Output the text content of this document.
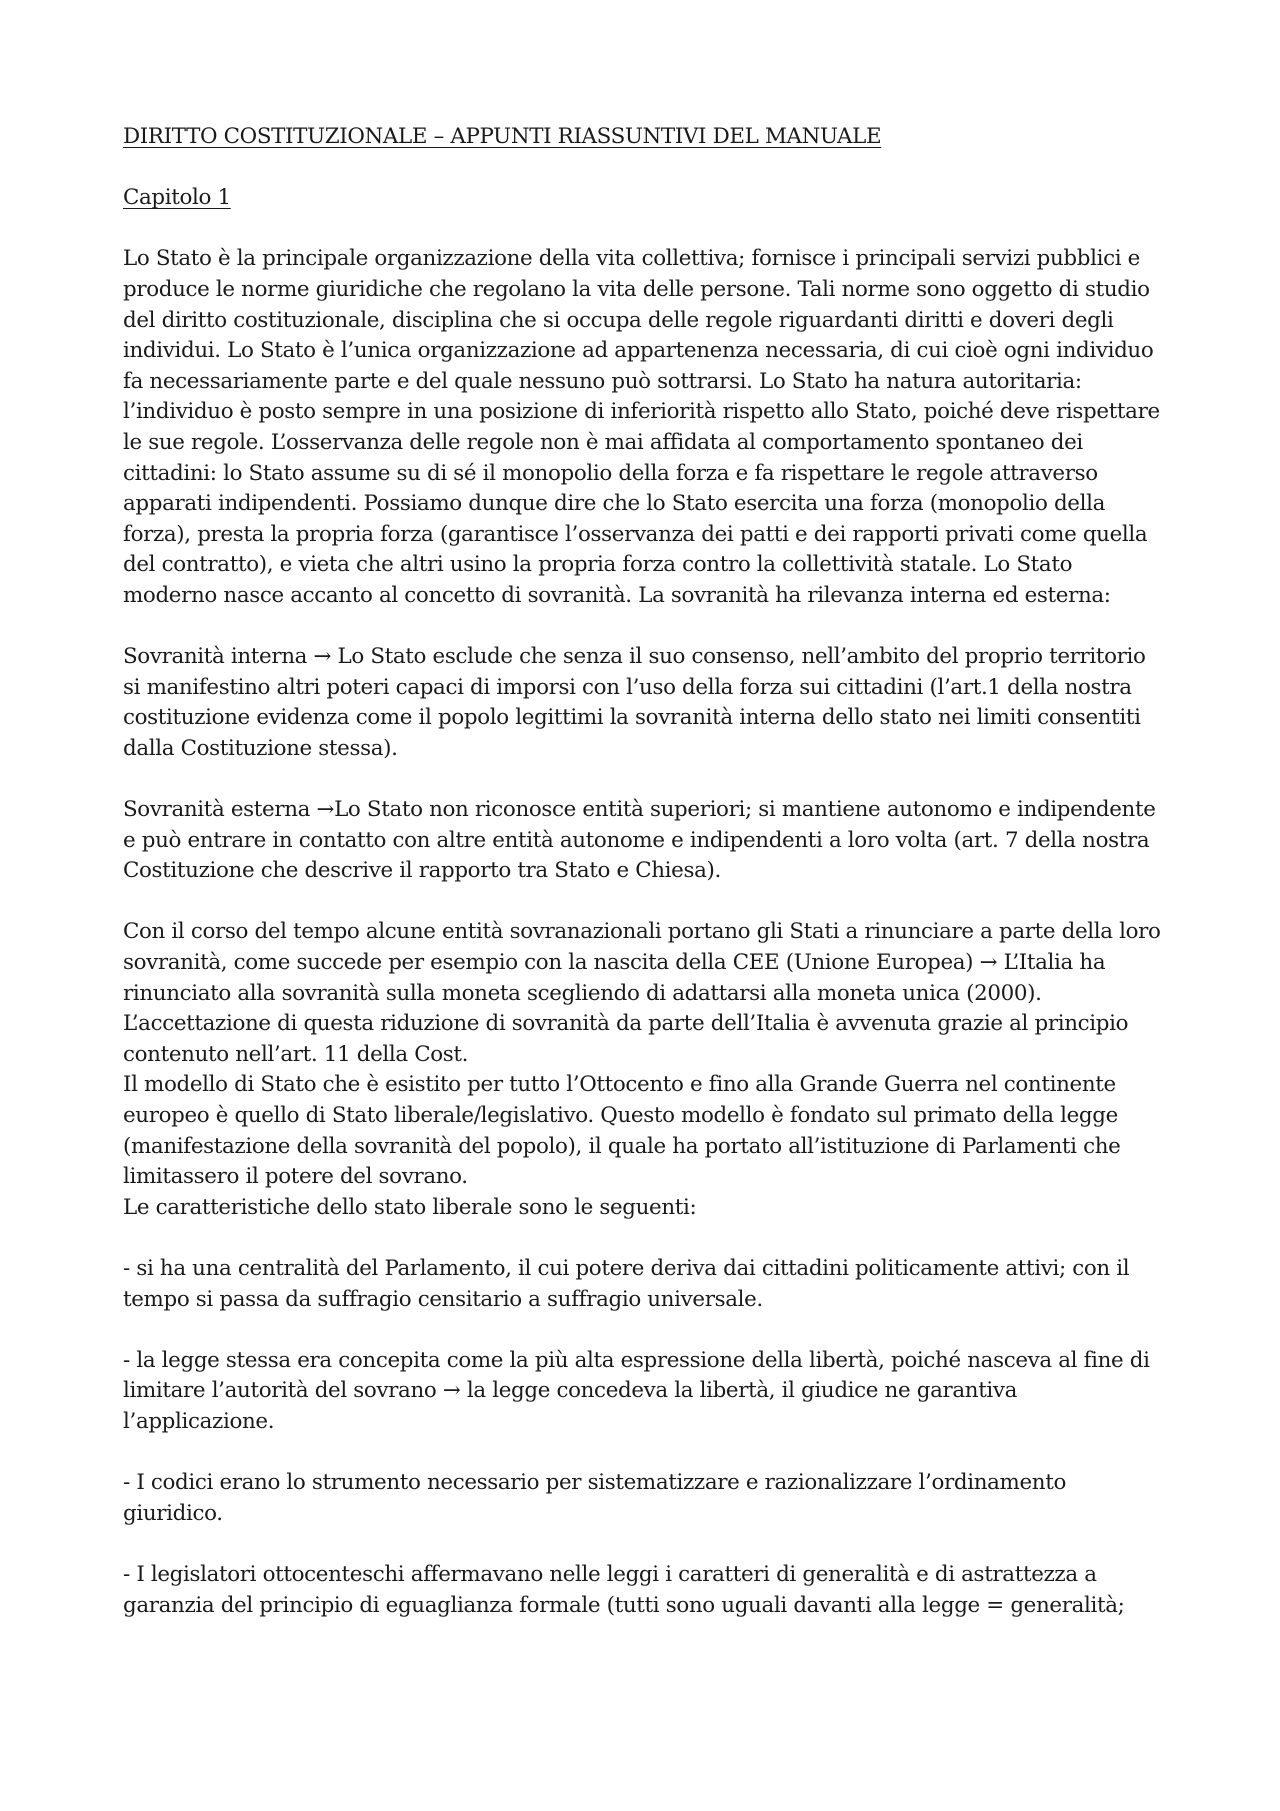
DIRITTO COSTITUZIONALE – APPUNTI RIASSUNTIVI DEL MANUALE

Capitolo 1

Lo Stato è la principale organizzazione della vita collettiva; fornisce i principali servizi pubblici e produce le norme giuridiche che regolano la vita delle persone. Tali norme sono oggetto di studio del diritto costituzionale, disciplina che si occupa delle regole riguardanti diritti e doveri degli individui. Lo Stato è l’unica organizzazione ad appartenenza necessaria, di cui cioè ogni individuo fa necessariamente parte e del quale nessuno può sottrarsi. Lo Stato ha natura autoritaria: l’individuo è posto sempre in una posizione di inferiorità rispetto allo Stato, poiché deve rispettare le sue regole. L’osservanza delle regole non è mai affidata al comportamento spontaneo dei cittadini: lo Stato assume su di sé il monopolio della forza e fa rispettare le regole attraverso apparati indipendenti. Possiamo dunque dire che lo Stato esercita una forza (monopolio della forza), presta la propria forza (garantisce l’osservanza dei patti e dei rapporti privati come quella del contratto), e vieta che altri usino la propria forza contro la collettività statale. Lo Stato moderno nasce accanto al concetto di sovranità. La sovranità ha rilevanza interna ed esterna:

Sovranità interna → Lo Stato esclude che senza il suo consenso, nell’ambito del proprio territorio si manifestino altri poteri capaci di imporsi con l’uso della forza sui cittadini (l’art.1 della nostra costituzione evidenza come il popolo legittimi la sovranità interna dello stato nei limiti consentiti dalla Costituzione stessa).

Sovranità esterna →Lo Stato non riconosce entità superiori; si mantiene autonomo e indipendente e può entrare in contatto con altre entità autonome e indipendenti a loro volta (art. 7 della nostra Costituzione che descrive il rapporto tra Stato e Chiesa).

Con il corso del tempo alcune entità sovranazionali portano gli Stati a rinunciare a parte della loro sovranità, come succede per esempio con la nascita della CEE (Unione Europea) → L’Italia ha rinunciato alla sovranità sulla moneta scegliendo di adattarsi alla moneta unica (2000). L’accettazione di questa riduzione di sovranità da parte dell’Italia è avvenuta grazie al principio contenuto nell’art. 11 della Cost.

Il modello di Stato che è esistito per tutto l’Ottocento e fino alla Grande Guerra nel continente europeo è quello di Stato liberale/legislativo. Questo modello è fondato sul primato della legge (manifestazione della sovranità del popolo), il quale ha portato all’istituzione di Parlamenti che limitassero il potere del sovrano.

Le caratteristiche dello stato liberale sono le seguenti:

- si ha una centralità del Parlamento, il cui potere deriva dai cittadini politicamente attivi; con il tempo si passa da suffragio censitario a suffragio universale.

- la legge stessa era concepita come la più alta espressione della libertà, poiché nasceva al fine di limitare l’autorità del sovrano → la legge concedeva la libertà, il giudice ne garantiva l’applicazione.

- I codici erano lo strumento necessario per sistematizzare e razionalizzare l’ordinamento giuridico.

- I legislatori ottocenteschi affermavano nelle leggi i caratteri di generalità e di astrattezza a garanzia del principio di eguaglianza formale (tutti sono uguali davanti alla legge = generalità;
